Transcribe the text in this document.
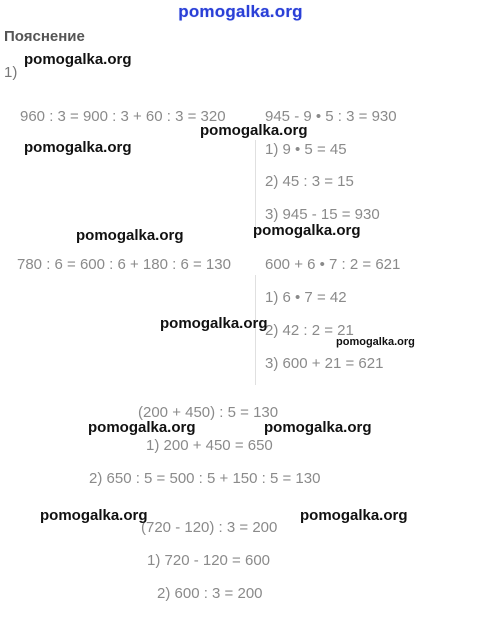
pomogalka.org
Пояснение
1)
960 : 3 = 900 : 3 + 60 : 3 = 320	945 - 9 • 5 : 3 = 930
1) 9 • 5 = 45
2) 45 : 3 = 15
3) 945 - 15 = 930
780 : 6 = 600 : 6 + 180 : 6 = 130 600 + 6 • 7 : 2 = 621
1) 6 • 7 = 42
2) 42 : 2 = 21
3) 600 + 21 = 621
(200 + 450) : 5 = 130
1) 200 + 450 = 650
2) 650 : 5 = 500 : 5 + 150 : 5 = 130
(720 - 120) : 3 = 200
1) 720 - 120 = 600
2) 600 : 3 = 200
pomogalka.org
pomogalka.org
pomogalka.org
pomogalka.org	pomogalka.org
pomogalka.org
pomogalka.org
pomogalka.org	pomogalka.org
pomogalka.org	pomogalka.org
